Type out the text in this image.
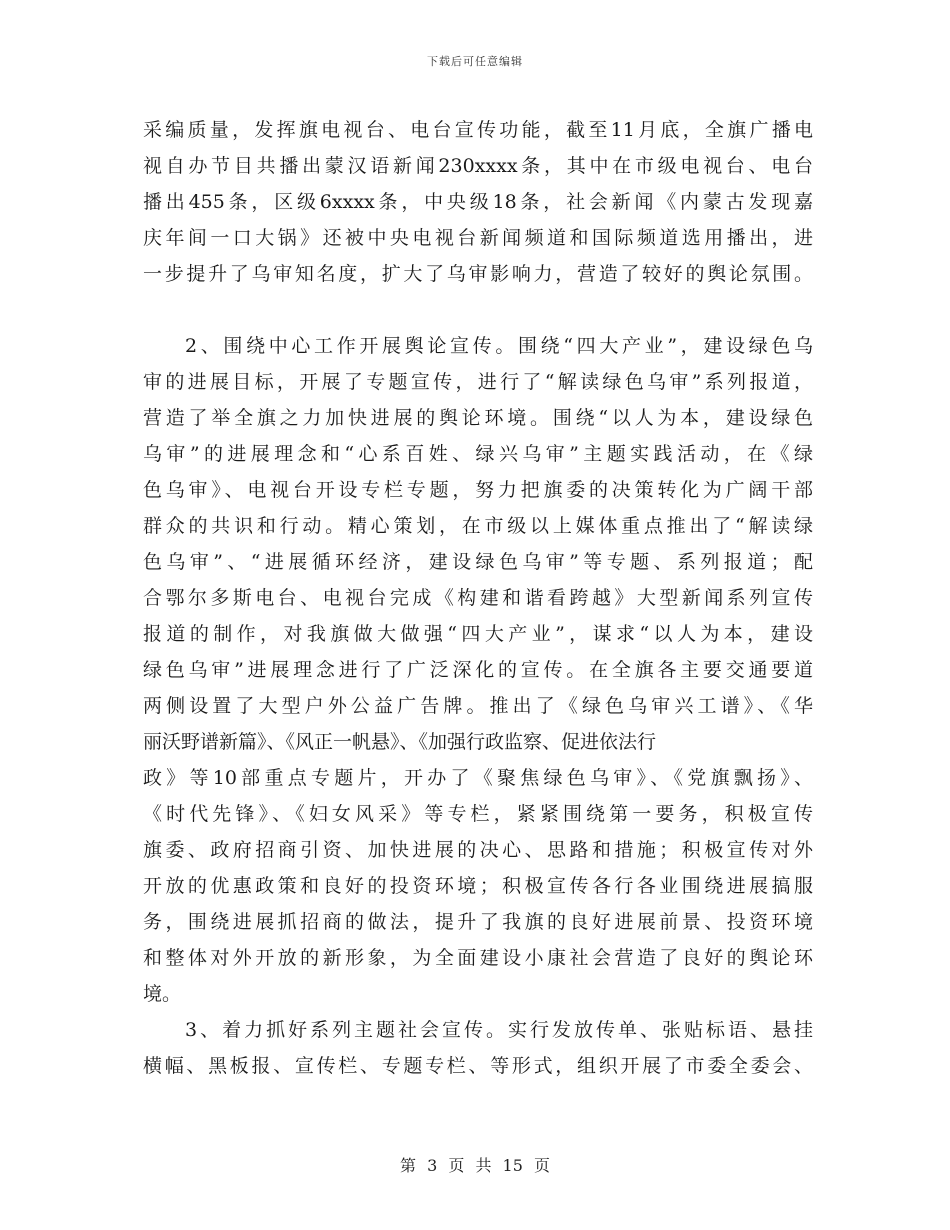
下载后可任意编辑
采编质量，发挥旗电视台、电台宣传功能，截至11月底，全旗广播电
视自办节目共播出蒙汉语新闻230xxxx条，其中在市级电视台、电台
播出455条，区级6xxxx条，中央级18条，社会新闻《内蒙古发现嘉
庆年间一口大锅》还被中央电视台新闻频道和国际频道选用播出，进
一步提升了乌审知名度，扩大了乌审影响力，营造了较好的舆论氛围。
2、围绕中心工作开展舆论宣传。围绕“四大产业”，建设绿色乌
审的进展目标，开展了专题宣传，进行了“解读绿色乌审”系列报道，
营造了举全旗之力加快进展的舆论环境。围绕“以人为本，建设绿色
乌审”的进展理念和“心系百姓、绿兴乌审”主题实践活动，在《绿
色乌审》、电视台开设专栏专题，努力把旗委的决策转化为广阔干部
群众的共识和行动。精心策划，在市级以上媒体重点推出了“解读绿
色乌审”、“进展循环经济，建设绿色乌审”等专题、系列报道；配
合鄂尔多斯电台、电视台完成《构建和谐看跨越》大型新闻系列宣传
报道的制作，对我旗做大做强“四大产业”，谋求“以人为本，建设
绿色乌审”进展理念进行了广泛深化的宣传。在全旗各主要交通要道
两侧设置了大型户外公益广告牌。推出了《绿色乌审兴工谱》、《华
丽沃野谱新篇》、《风正一帆悬》、《加强行政监察、促进依法行
政》等10部重点专题片，开办了《聚焦绿色乌审》、《党旗飘扬》、
《时代先锋》、《妇女风采》等专栏，紧紧围绕第一要务，积极宣传
旗委、政府招商引资、加快进展的决心、思路和措施；积极宣传对外
开放的优惠政策和良好的投资环境；积极宣传各行各业围绕进展搞服
务，围绕进展抓招商的做法，提升了我旗的良好进展前景、投资环境
和整体对外开放的新形象，为全面建设小康社会营造了良好的舆论环
境。
3、着力抓好系列主题社会宣传。实行发放传单、张贴标语、悬挂
横幅、黑板报、宣传栏、专题专栏、等形式，组织开展了市委全委会、
第 3 页 共 15 页
